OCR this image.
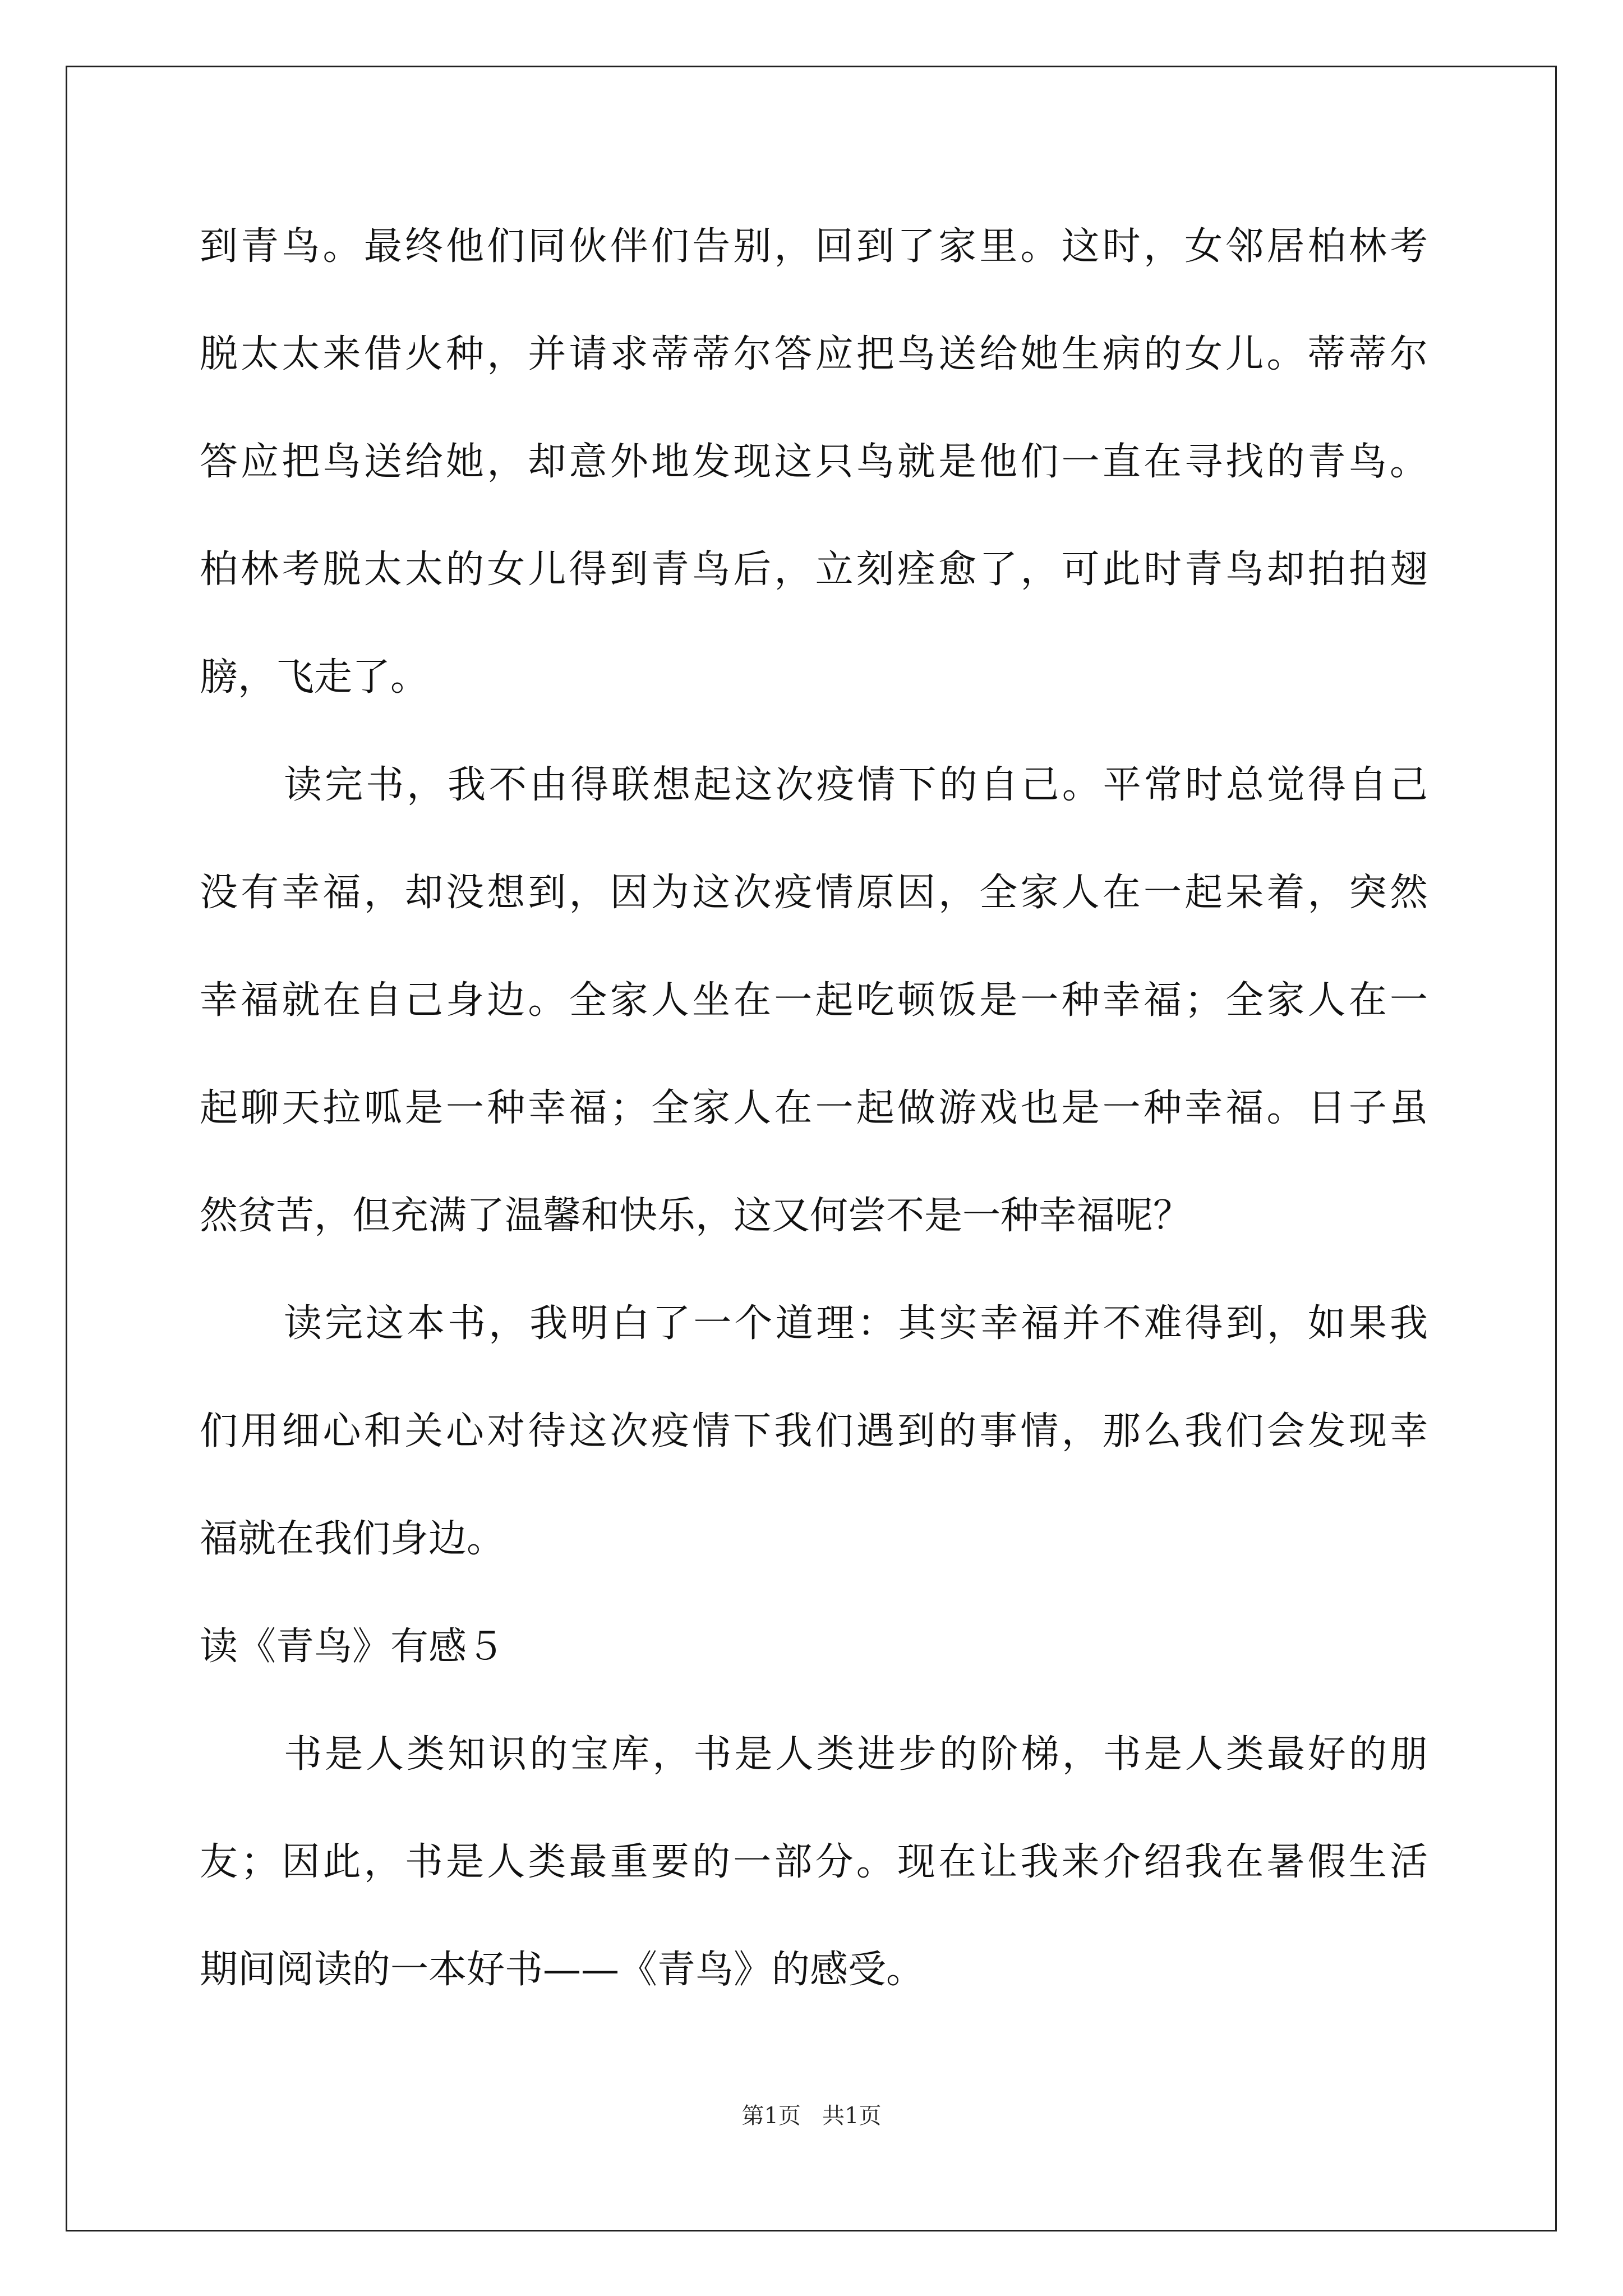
到青鸟。最终他们同伙伴们告别，回到了家里。这时，女邻居柏林考
脱太太来借火种，并请求蒂蒂尔答应把鸟送给她生病的女儿。蒂蒂尔
答应把鸟送给她，却意外地发现这只鸟就是他们一直在寻找的青鸟。
柏林考脱太太的女儿得到青鸟后，立刻痊愈了，可此时青鸟却拍拍翅
膀，飞走了。
读完书，我不由得联想起这次疫情下的自己。平常时总觉得自己
没有幸福，却没想到，因为这次疫情原因，全家人在一起呆着，突然
幸福就在自己身边。全家人坐在一起吃顿饭是一种幸福；全家人在一
起聊天拉呱是一种幸福；全家人在一起做游戏也是一种幸福。日子虽
然贫苦，但充满了温馨和快乐，这又何尝不是一种幸福呢？
读完这本书，我明白了一个道理：其实幸福并不难得到，如果我
们用细心和关心对待这次疫情下我们遇到的事情，那么我们会发现幸
福就在我们身边。
读《青鸟》有感５
书是人类知识的宝库，书是人类进步的阶梯，书是人类最好的朋
友；因此，书是人类最重要的一部分。现在让我来介绍我在暑假生活
期间阅读的一本好书——《青鸟》的感受。
第1页   共1页
